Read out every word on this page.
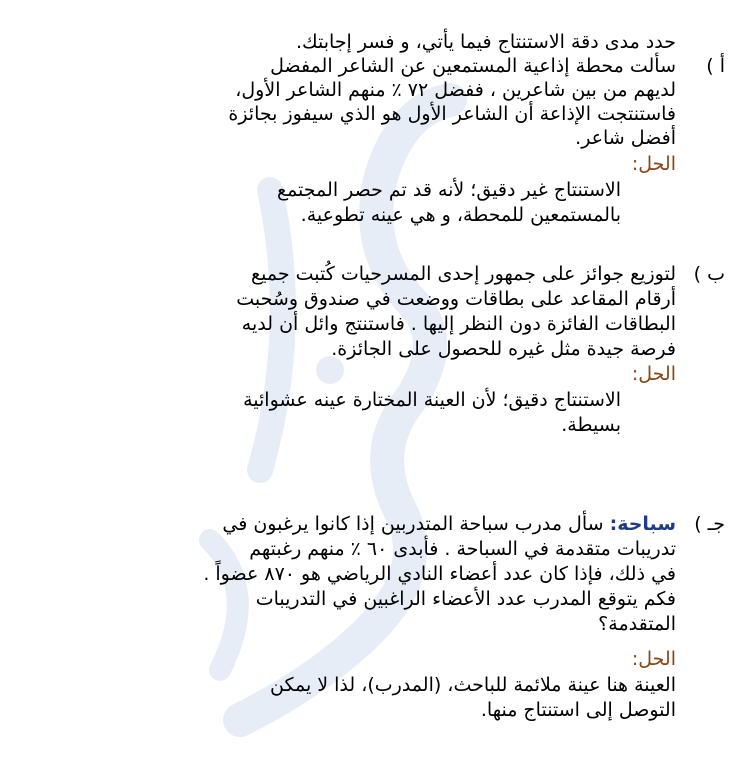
حدد مدى دقة الاستنتاج فيما يأتي، و فسر إجابتك.
أ )
سألت محطة إذاعية المستمعين عن الشاعر المفضل
لديهم من بين شاعرين ، ففضل ٧٢ ٪ منهم الشاعر الأول،
فاستنتجت الإذاعة أن الشاعر الأول هو الذي سيفوز بجائزة
أفضل شاعر.
الحل:
الاستنتاج غير دقيق؛ لأنه قد تم حصر المجتمع
بالمستمعين للمحطة، و هي عينه تطوعية.
ب )
لتوزيع جوائز على جمهور إحدى المسرحيات كُتبت جميع
أرقام المقاعد على بطاقات ووضعت في صندوق وسُحبت
البطاقات الفائزة دون النظر إليها . فاستنتج وائل أن لديه
فرصة جيدة مثل غيره للحصول على الجائزة.
الحل:
الاستنتاج دقيق؛ لأن العينة المختارة عينه عشوائية
بسيطة.
جـ )
سباحة: سأل مدرب سباحة المتدربين إذا كانوا يرغبون في
تدريبات متقدمة في السباحة . فأبدى ٦٠ ٪ منهم رغبتهم
في ذلك، فإذا كان عدد أعضاء النادي الرياضي هو ٨٧٠ عضواً .
فكم يتوقع المدرب عدد الأعضاء الراغبين في التدريبات
المتقدمة؟
الحل:
العينة هنا عينة ملائمة للباحث، (المدرب)، لذا لا يمكن
التوصل إلى استنتاج منها.
